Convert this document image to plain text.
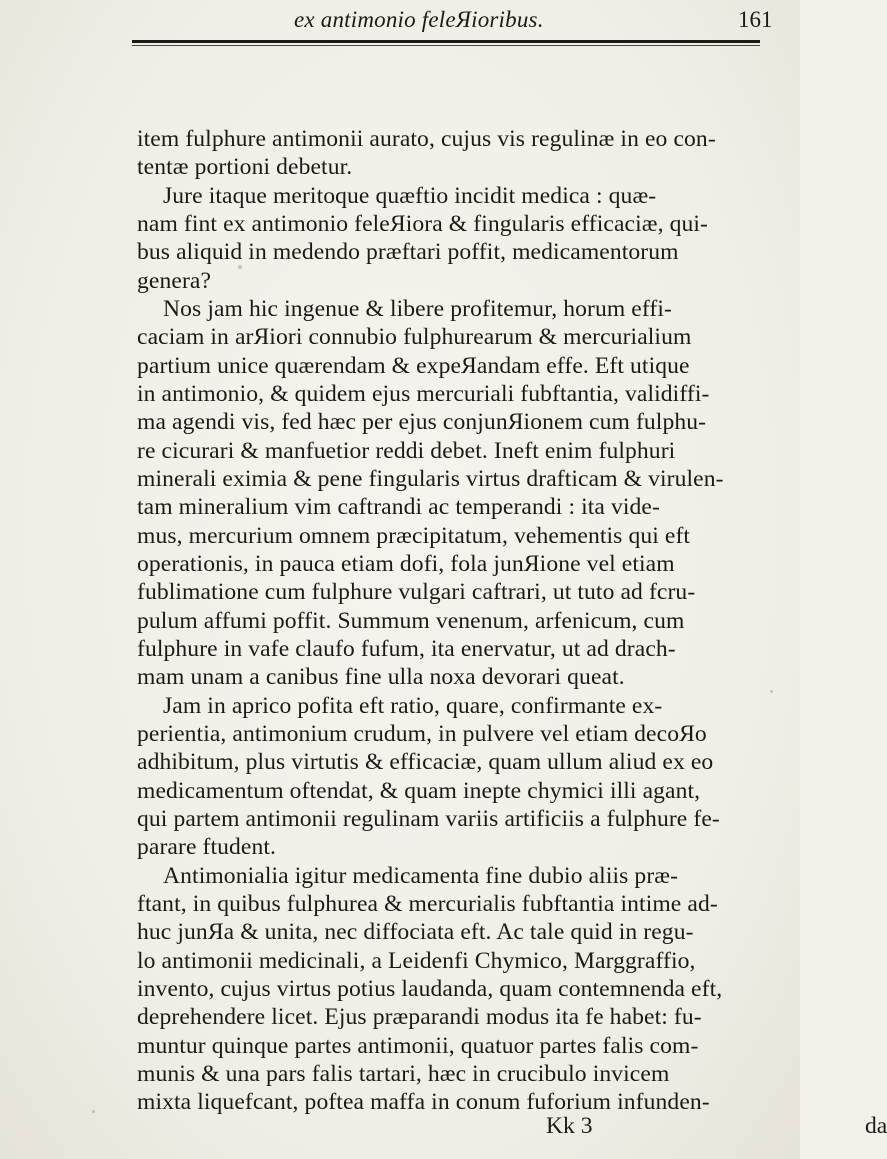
ex antimonio feleЯioribus.	161
item fulphure antimonii aurato, cujus vis regulinæ in eo con-
tentæ portioni debetur.
Jure itaque meritoque quæftio incidit medica : quæ-
nam fint ex antimonio feleЯiora & fingularis efficaciæ, qui-
bus aliquid in medendo præftari poffit, medicamentorum
genera?
Nos jam hic ingenue & libere profitemur, horum effi-
caciam in arЯiori connubio fulphurearum & mercurialium
partium unice quærendam & expeЯandam effe. Eft utique
in antimonio, & quidem ejus mercuriali fubftantia, validiffi-
ma agendi vis, fed hæc per ejus conjunЯionem cum fulphu-
re cicurari & manfuetior reddi debet. Ineft enim fulphuri
minerali eximia & pene fingularis virtus drafticam & virulen-
tam mineralium vim caftrandi ac temperandi : ita vide-
mus, mercurium omnem præcipitatum, vehementis qui eft
operationis, in pauca etiam dofi, fola junЯione vel etiam
fublimatione cum fulphure vulgari caftrari, ut tuto ad fcru-
pulum affumi poffit. Summum venenum, arfenicum, cum
fulphure in vafe claufo fufum, ita enervatur, ut ad drach-
mam unam a canibus fine ulla noxa devorari queat.
Jam in aprico pofita eft ratio, quare, confirmante ex-
perientia, antimonium crudum, in pulvere vel etiam decoЯo
adhibitum, plus virtutis & efficaciæ, quam ullum aliud ex eo
medicamentum oftendat, & quam inepte chymici illi agant,
qui partem antimonii regulinam variis artificiis a fulphure fe-
parare ftudent.
Antimonialia igitur medicamenta fine dubio aliis præ-
ftant, in quibus fulphurea & mercurialis fubftantia intime ad-
huc junЯa & unita, nec diffociata eft. Ac tale quid in regu-
lo antimonii medicinali, a Leidenfi Chymico, Marggraffio,
invento, cujus virtus potius laudanda, quam contemnenda eft,
deprehendere licet. Ejus præparandi modus ita fe habet: fu-
muntur quinque partes antimonii, quatuor partes falis com-
munis & una pars falis tartari, hæc in crucibulo invicem
mixta liquefcant, poftea maffa in conum fuforium infunden-
Kk 3	da
